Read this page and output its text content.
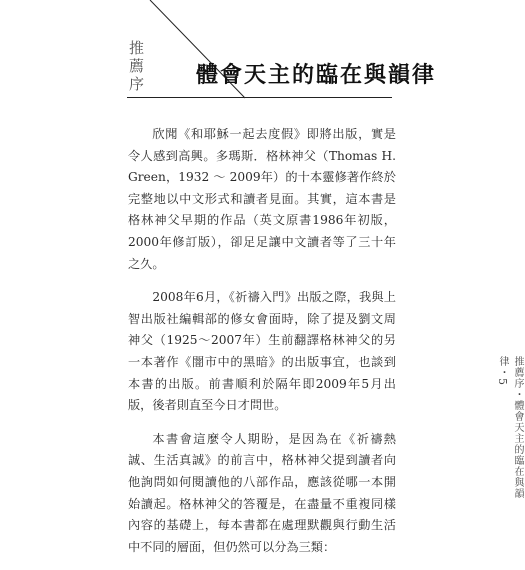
推薦序 體會天主的臨在與韻律

欣聞《和耶穌一起去度假》即將出版，實是令人感到高興。多瑪斯．格林神父（Thomas H. Green，1932 ～ 2009年）的十本靈修著作終於完整地以中文形式和讀者見面。其實，這本書是格林神父早期的作品（英文原書1986年初版，2000年修訂版），卻足足讓中文讀者等了三十年之久。

2008年6月，《祈禱入門》出版之際，我與上智出版社編輯部的修女會面時，除了提及劉文周神父（1925～2007年）生前翻譯格林神父的另一本著作《闇市中的黑暗》的出版事宜，也談到本書的出版。前書順利於隔年即2009年5月出版，後者則直至今日才問世。

本書會這麼令人期盼，是因為在《祈禱熱誠、生活真誠》的前言中，格林神父提到讀者向他詢問如何閱讀他的八部作品，應該從哪一本開始讀起。格林神父的答覆是，在盡量不重複同樣內容的基礎上，每本書都在處理默觀與行動生活中不同的層面，但仍然可以分為三類：

推薦序・體會天主的臨在與韻律・5
